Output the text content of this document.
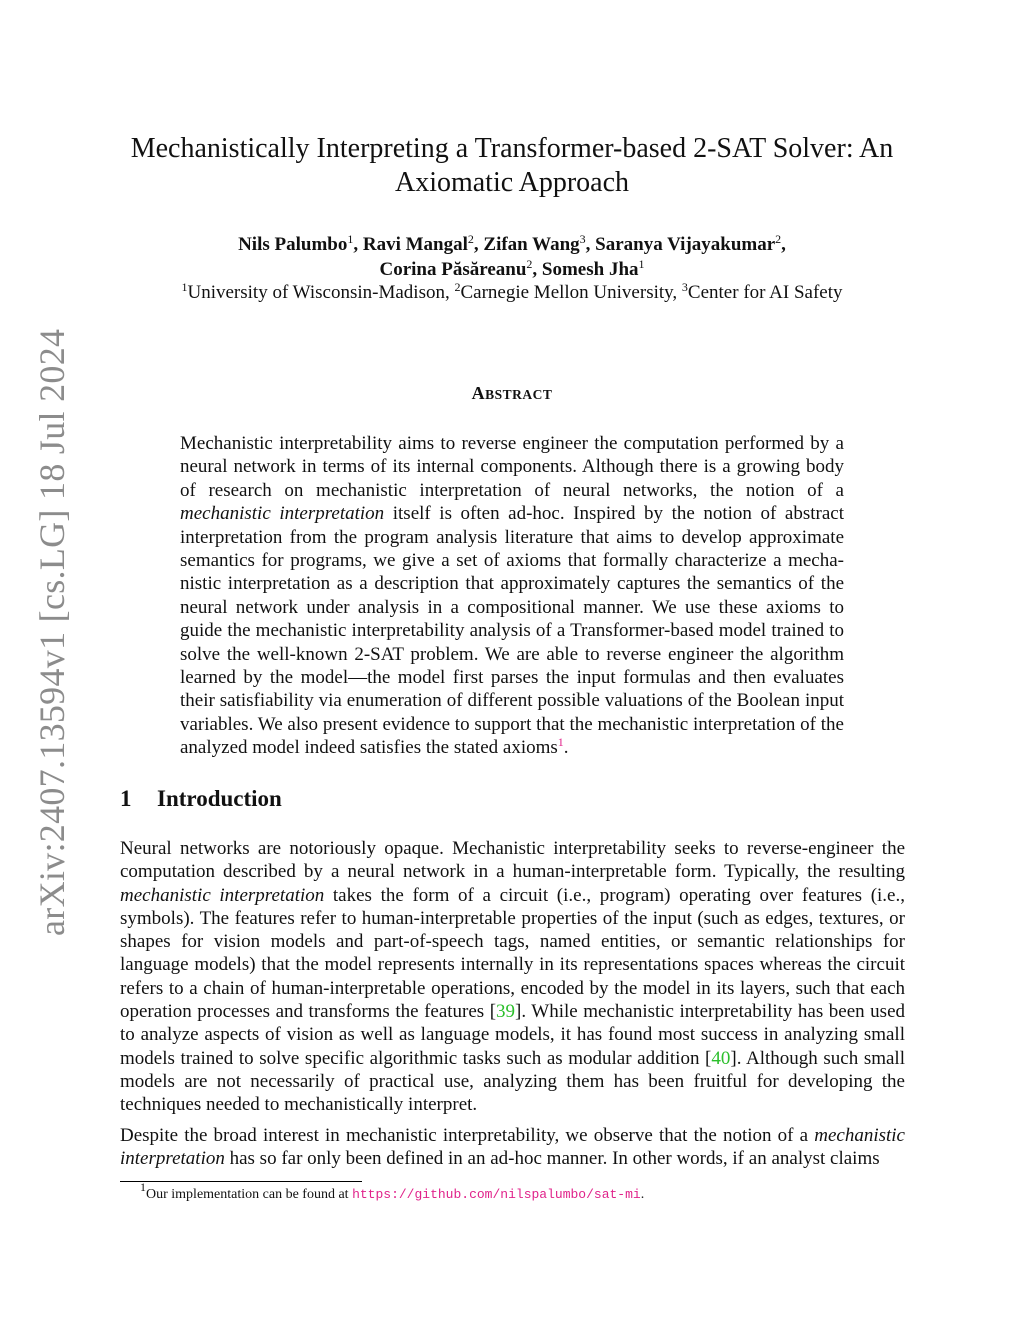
arXiv:2407.13594v1 [cs.LG] 18 Jul 2024
Mechanistically Interpreting a Transformer-based 2-SAT Solver: An Axiomatic Approach
Nils Palumbo$^1$, Ravi Mangal$^2$, Zifan Wang$^3$, Saranya Vijayakumar$^2$,
Corina Păsăreanu$^2$, Somesh Jha$^1$
$^1$University of Wisconsin-Madison, $^2$Carnegie Mellon University, $^3$Center for AI Safety
ABSTRACT
Mechanistic interpretability aims to reverse engineer the computation performed by a neural network in terms of its internal components. Although there is a growing body of research on mechanistic interpretation of neural networks, the notion of a mechanistic interpretation itself is often ad-hoc. Inspired by the notion of abstract interpretation from the program analysis literature that aims to develop approximate semantics for programs, we give a set of axioms that formally characterize a mechanistic interpretation as a description that approximately captures the semantics of the neural network under analysis in a compositional manner. We use these axioms to guide the mechanistic interpretability analysis of a Transformer-based model trained to solve the well-known 2-SAT problem. We are able to reverse engineer the algorithm learned by the model—the model first parses the input formulas and then evaluates their satisfiability via enumeration of different possible valuations of the Boolean input variables. We also present evidence to support that the mechanistic interpretation of the analyzed model indeed satisfies the stated axioms$^1$.
1 Introduction
Neural networks are notoriously opaque. Mechanistic interpretability seeks to reverse-engineer the computation described by a neural network in a human-interpretable form. Typically, the resulting mechanistic interpretation takes the form of a circuit (i.e., program) operating over features (i.e., symbols). The features refer to human-interpretable properties of the input (such as edges, textures, or shapes for vision models and part-of-speech tags, named entities, or semantic relationships for language models) that the model represents internally in its representations spaces whereas the circuit refers to a chain of human-interpretable operations, encoded by the model in its layers, such that each operation processes and transforms the features [39]. While mechanistic interpretability has been used to analyze aspects of vision as well as language models, it has found most success in analyzing small models trained to solve specific algorithmic tasks such as modular addition [40]. Although such small models are not necessarily of practical use, analyzing them has been fruitful for developing the techniques needed to mechanistically interpret.
Despite the broad interest in mechanistic interpretability, we observe that the notion of a mechanistic interpretation has so far only been defined in an ad-hoc manner. In other words, if an analyst claims
$^1$Our implementation can be found at https://github.com/nilspalumbo/sat-mi.
